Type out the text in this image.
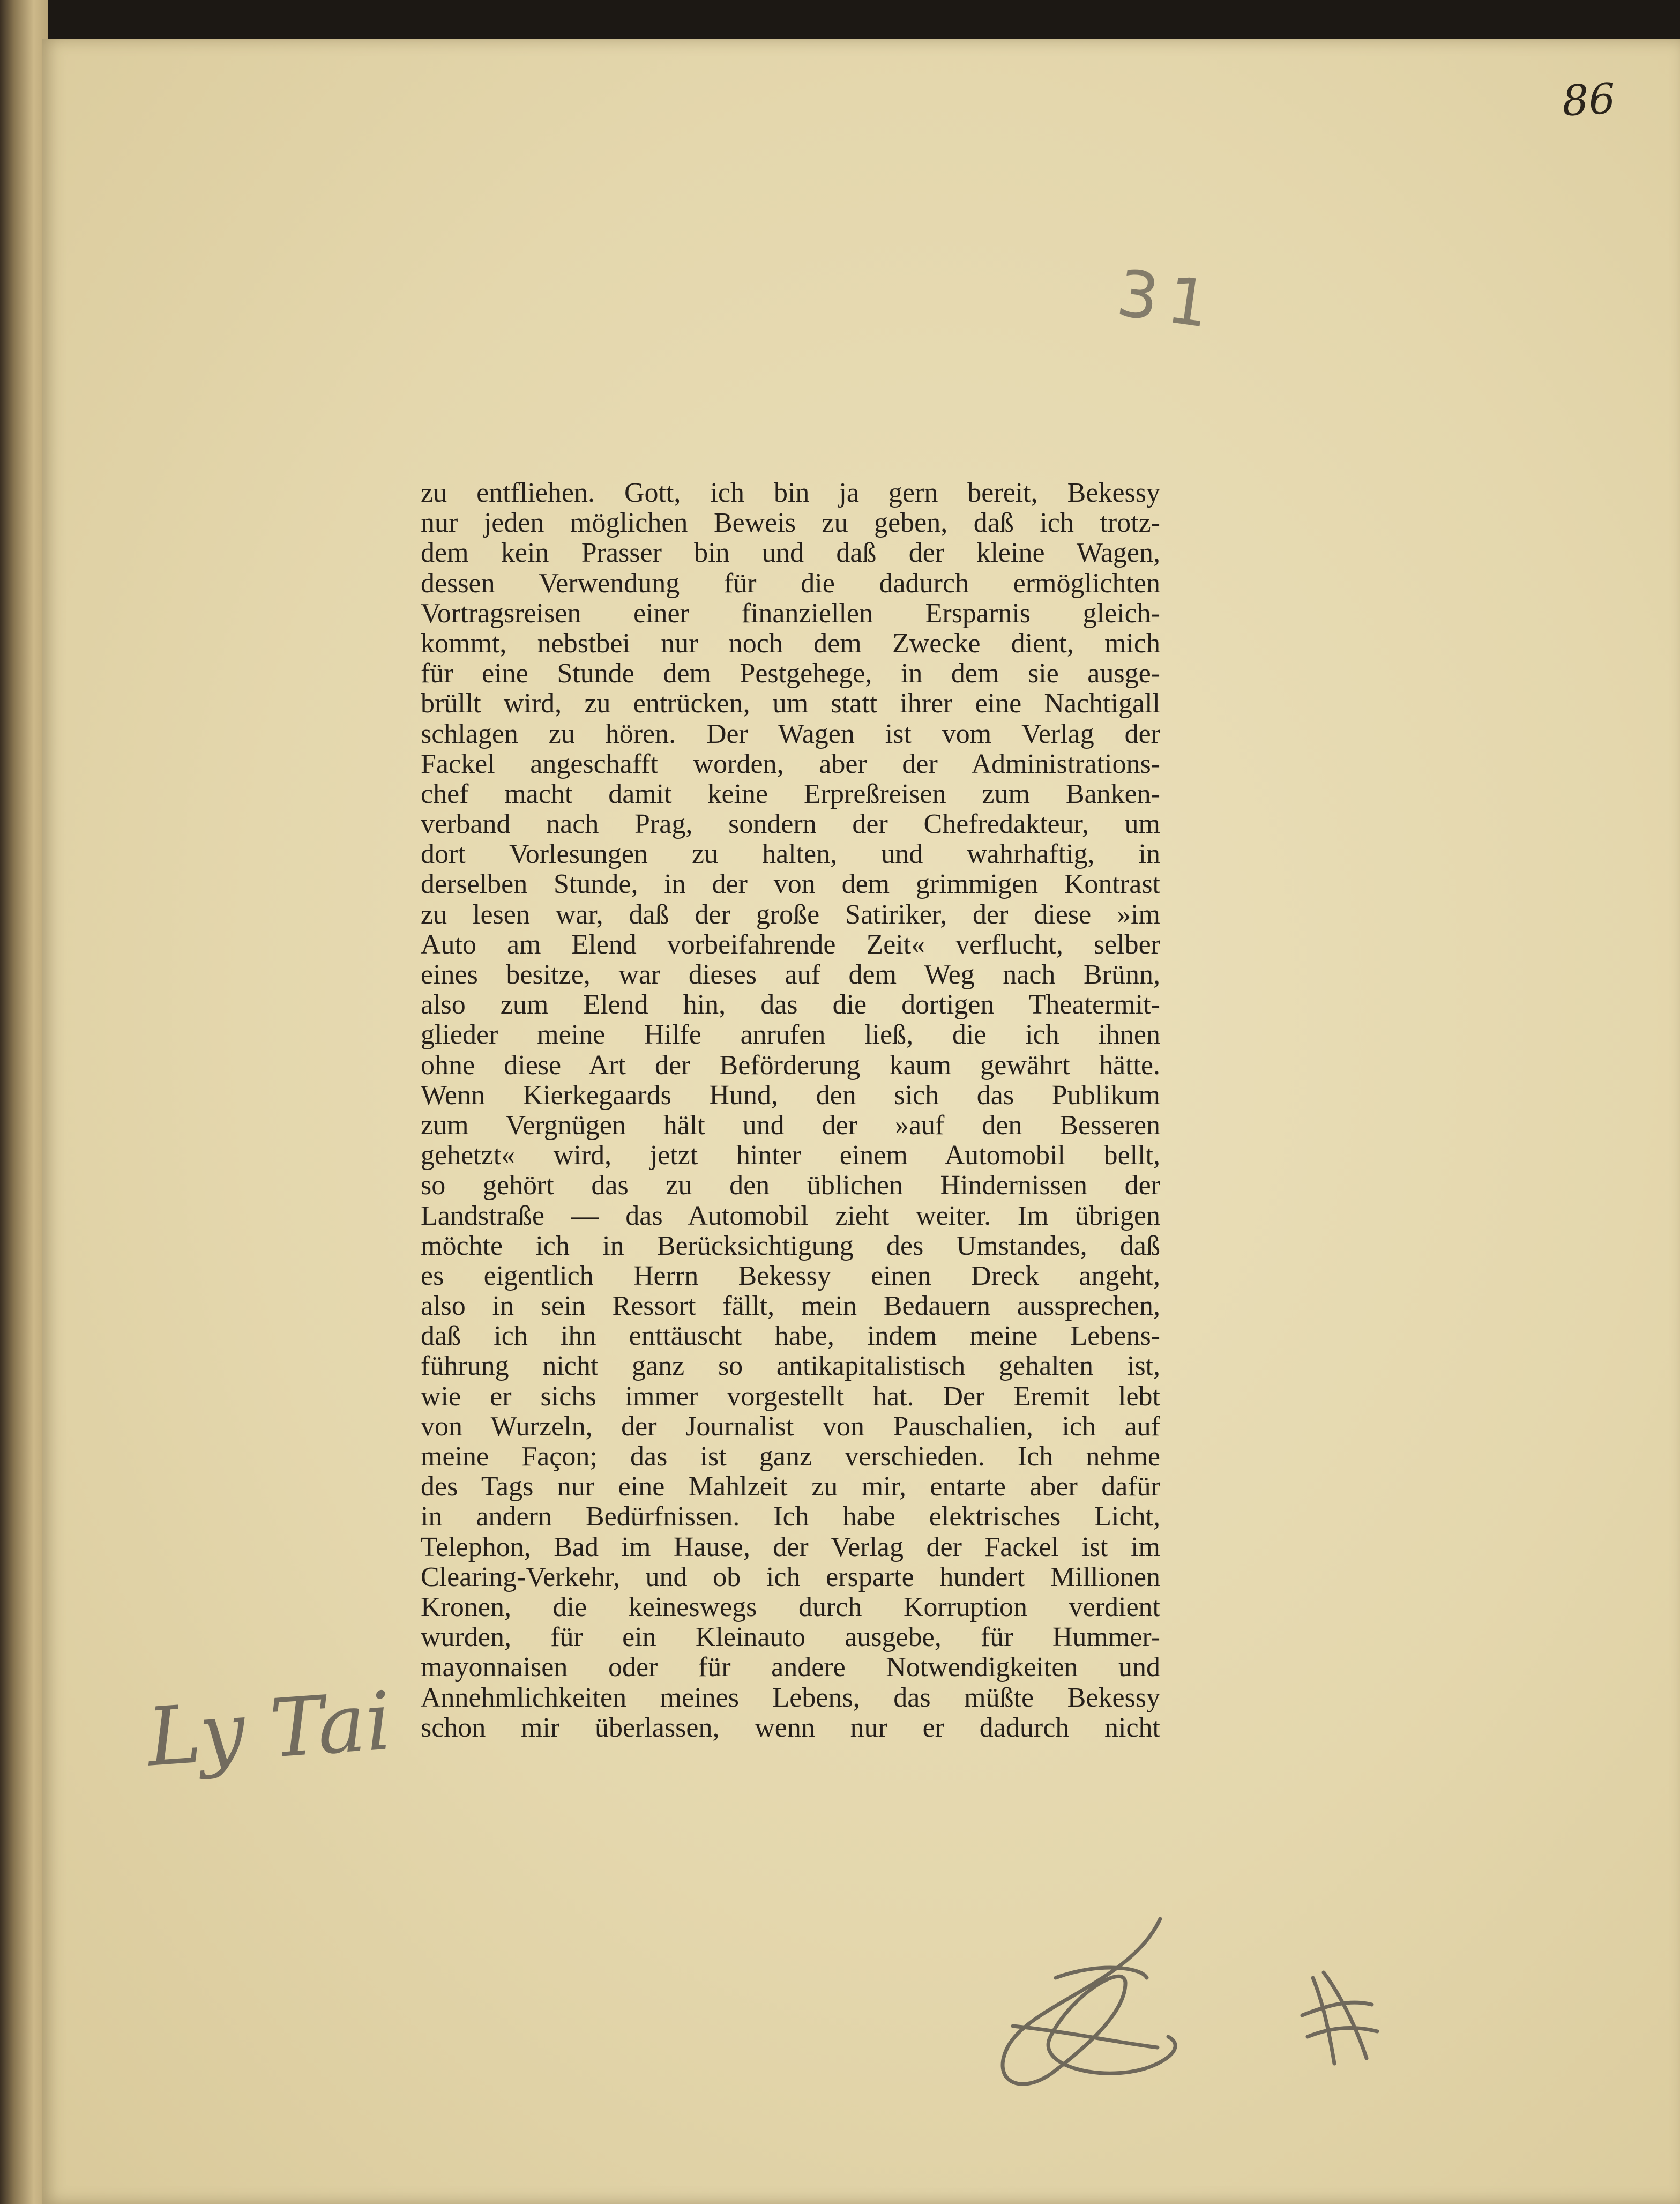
86
31
Ly Tai
zu entfliehen. Gott, ich bin ja gern bereit, Bekessy
nur jeden möglichen Beweis zu geben, daß ich trotz-
dem kein Prasser bin und daß der kleine Wagen,
dessen Verwendung für die dadurch ermöglichten
Vortragsreisen einer finanziellen Ersparnis gleich-
kommt, nebstbei nur noch dem Zwecke dient, mich
für eine Stunde dem Pestgehege, in dem sie ausge-
brüllt wird, zu entrücken, um statt ihrer eine Nachtigall
schlagen zu hören. Der Wagen ist vom Verlag der
Fackel angeschafft worden, aber der Administrations-
chef macht damit keine Erpreßreisen zum Banken-
verband nach Prag, sondern der Chefredakteur, um
dort Vorlesungen zu halten, und wahrhaftig, in
derselben Stunde, in der von dem grimmigen Kontrast
zu lesen war, daß der große Satiriker, der diese »im
Auto am Elend vorbeifahrende Zeit« verflucht, selber
eines besitze, war dieses auf dem Weg nach Brünn,
also zum Elend hin, das die dortigen Theatermit-
glieder meine Hilfe anrufen ließ, die ich ihnen
ohne diese Art der Beförderung kaum gewährt hätte.
Wenn Kierkegaards Hund, den sich das Publikum
zum Vergnügen hält und der »auf den Besseren
gehetzt« wird, jetzt hinter einem Automobil bellt,
so gehört das zu den üblichen Hindernissen der
Landstraße — das Automobil zieht weiter. Im übrigen
möchte ich in Berücksichtigung des Umstandes, daß
es eigentlich Herrn Bekessy einen Dreck angeht,
also in sein Ressort fällt, mein Bedauern aussprechen,
daß ich ihn enttäuscht habe, indem meine Lebens-
führung nicht ganz so antikapitalistisch gehalten ist,
wie er sichs immer vorgestellt hat. Der Eremit lebt
von Wurzeln, der Journalist von Pauschalien, ich auf
meine Façon; das ist ganz verschieden. Ich nehme
des Tags nur eine Mahlzeit zu mir, entarte aber dafür
in andern Bedürfnissen. Ich habe elektrisches Licht,
Telephon, Bad im Hause, der Verlag der Fackel ist im
Clearing-Verkehr, und ob ich ersparte hundert Millionen
Kronen, die keineswegs durch Korruption verdient
wurden, für ein Kleinauto ausgebe, für Hummer-
mayonnaisen oder für andere Notwendigkeiten und
Annehmlichkeiten meines Lebens, das müßte Bekessy
schon mir überlassen, wenn nur er dadurch nicht
